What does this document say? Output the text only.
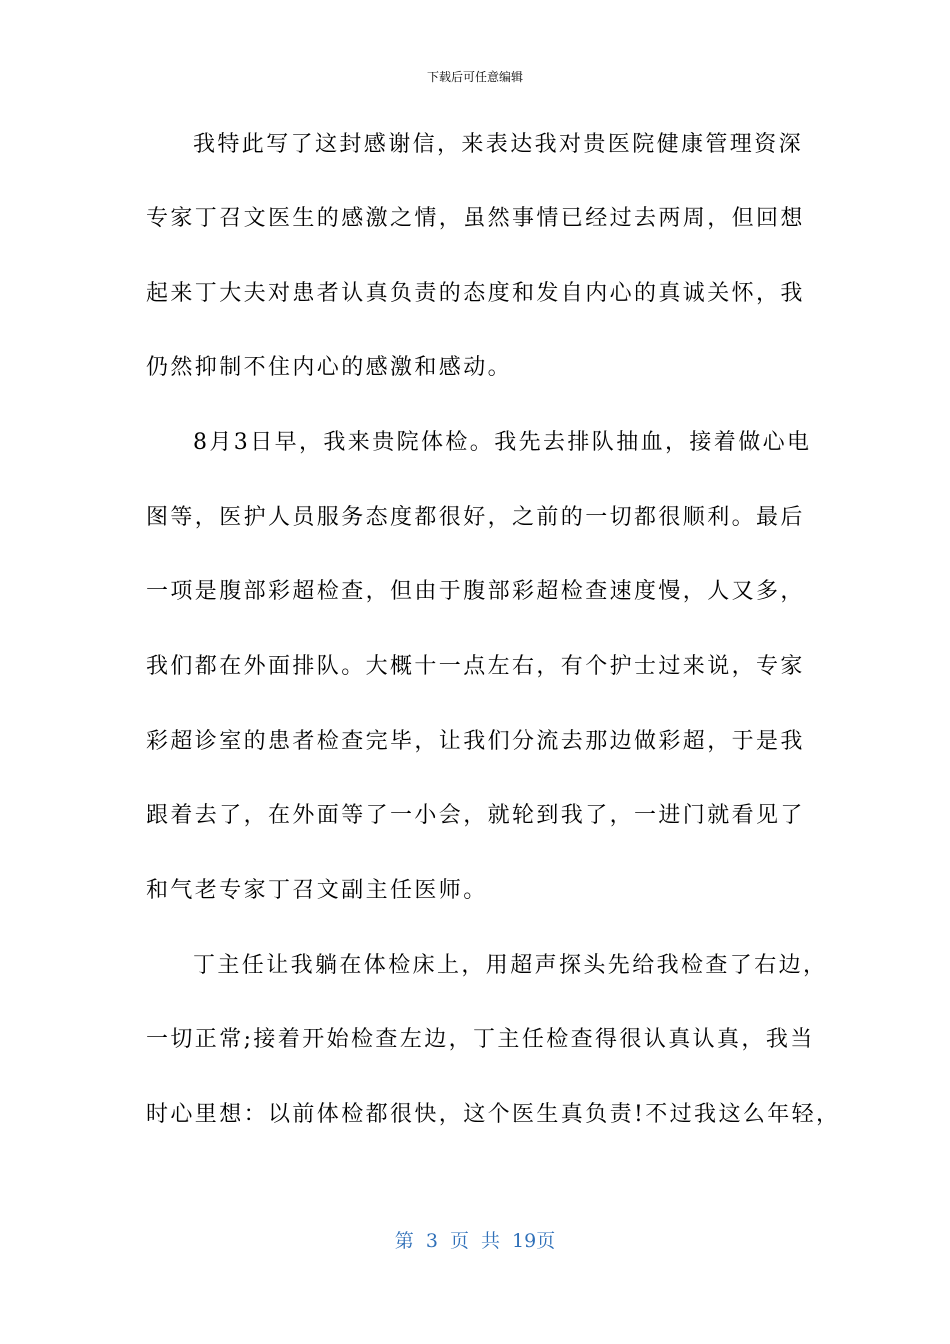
下载后可任意编辑
我特此写了这封感谢信，来表达我对贵医院健康管理资深
专家丁召文医生的感激之情，虽然事情已经过去两周，但回想
起来丁大夫对患者认真负责的态度和发自内心的真诚关怀，我
仍然抑制不住内心的感激和感动。
8月3日早，我来贵院体检。我先去排队抽血，接着做心电
图等，医护人员服务态度都很好，之前的一切都很顺利。最后
一项是腹部彩超检查，但由于腹部彩超检查速度慢，人又多，
我们都在外面排队。大概十一点左右，有个护士过来说，专家
彩超诊室的患者检查完毕，让我们分流去那边做彩超，于是我
跟着去了，在外面等了一小会，就轮到我了，一进门就看见了
和气老专家丁召文副主任医师。
丁主任让我躺在体检床上，用超声探头先给我检查了右边，
一切正常;接着开始检查左边，丁主任检查得很认真认真，我当
时心里想：以前体检都很快，这个医生真负责!不过我这么年轻，
第 3 页 共 19页
